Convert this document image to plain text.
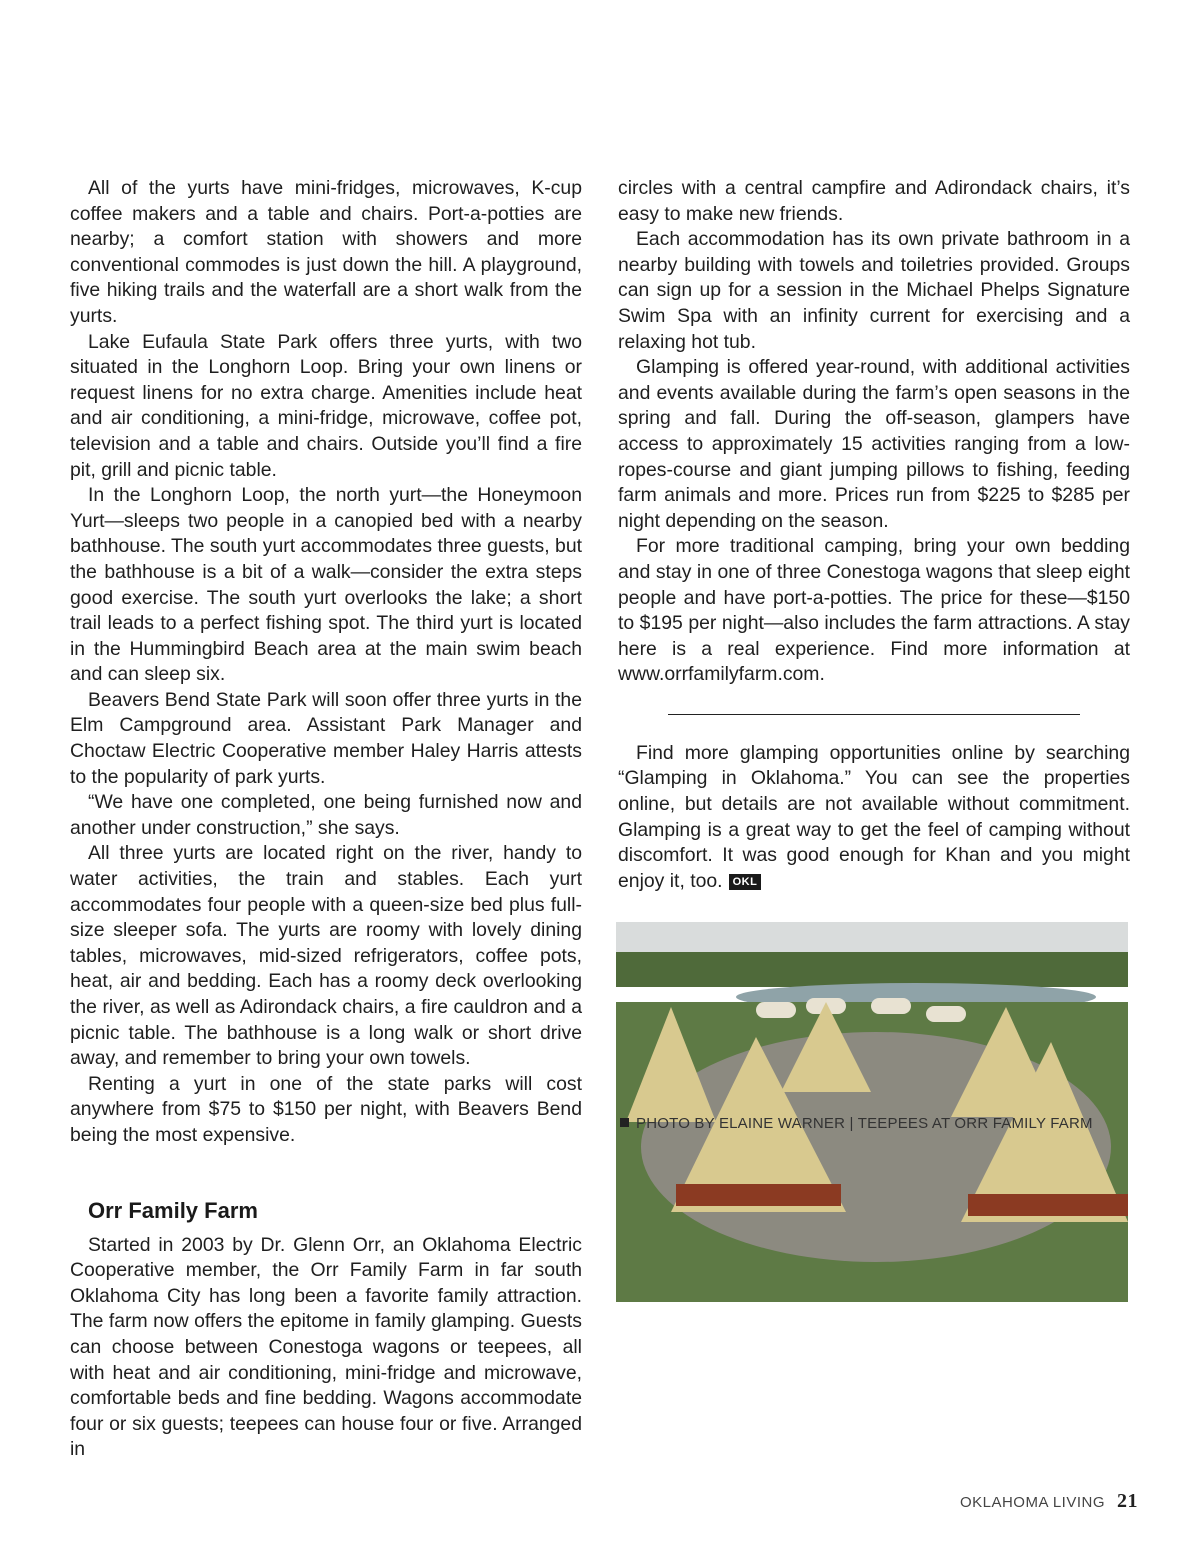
All of the yurts have mini-fridges, microwaves, K-cup coffee makers and a table and chairs. Port-a-potties are nearby; a comfort station with showers and more conventional commodes is just down the hill. A playground, five hiking trails and the waterfall are a short walk from the yurts.

Lake Eufaula State Park offers three yurts, with two situated in the Longhorn Loop. Bring your own linens or request linens for no extra charge. Amenities include heat and air conditioning, a mini-fridge, microwave, coffee pot, television and a table and chairs. Outside you’ll find a fire pit, grill and picnic table.

In the Longhorn Loop, the north yurt—the Honeymoon Yurt—sleeps two people in a canopied bed with a nearby bathhouse. The south yurt accommodates three guests, but the bathhouse is a bit of a walk—consider the extra steps good exercise. The south yurt overlooks the lake; a short trail leads to a perfect fishing spot. The third yurt is located in the Hummingbird Beach area at the main swim beach and can sleep six.

Beavers Bend State Park will soon offer three yurts in the Elm Campground area. Assistant Park Manager and Choctaw Electric Cooperative member Haley Harris attests to the popularity of park yurts.

“We have one completed, one being furnished now and another under construction,” she says.

All three yurts are located right on the river, handy to water activities, the train and stables. Each yurt accommodates four people with a queen-size bed plus full-size sleeper sofa. The yurts are roomy with lovely dining tables, microwaves, mid-sized refrigerators, coffee pots, heat, air and bedding. Each has a roomy deck overlooking the river, as well as Adirondack chairs, a fire cauldron and a picnic table. The bathhouse is a long walk or short drive away, and remember to bring your own towels.

Renting a yurt in one of the state parks will cost anywhere from $75 to $150 per night, with Beavers Bend being the most expensive.

Orr Family Farm

Started in 2003 by Dr. Glenn Orr, an Oklahoma Electric Cooperative member, the Orr Family Farm in far south Oklahoma City has long been a favorite family attraction. The farm now offers the epitome in family glamping. Guests can choose between Conestoga wagons or teepees, all with heat and air conditioning, mini-fridge and microwave, comfortable beds and fine bedding. Wagons accommodate four or six guests; teepees can house four or five. Arranged in

circles with a central campfire and Adirondack chairs, it’s easy to make new friends.

Each accommodation has its own private bathroom in a nearby building with towels and toiletries provided. Groups can sign up for a session in the Michael Phelps Signature Swim Spa with an infinity current for exercising and a relaxing hot tub.

Glamping is offered year-round, with additional activities and events available during the farm’s open seasons in the spring and fall. During the off-season, glampers have access to approximately 15 activities ranging from a low-ropes-course and giant jumping pillows to fishing, feeding farm animals and more. Prices run from $225 to $285 per night depending on the season.

For more traditional camping, bring your own bedding and stay in one of three Conestoga wagons that sleep eight people and have port-a-potties. The price for these—$150 to $195 per night—also includes the farm attractions. A stay here is a real experience. Find more information at www.orrfamilyfarm.com.

Find more glamping opportunities online by searching “Glamping in Oklahoma.” You can see the properties online, but details are not available without commitment. Glamping is a great way to get the feel of camping without discomfort. It was good enough for Khan and you might enjoy it, too. OKL

PHOTO BY ELAINE WARNER | TEEPEES AT ORR FAMILY FARM
OKLAHOMA LIVING 21
